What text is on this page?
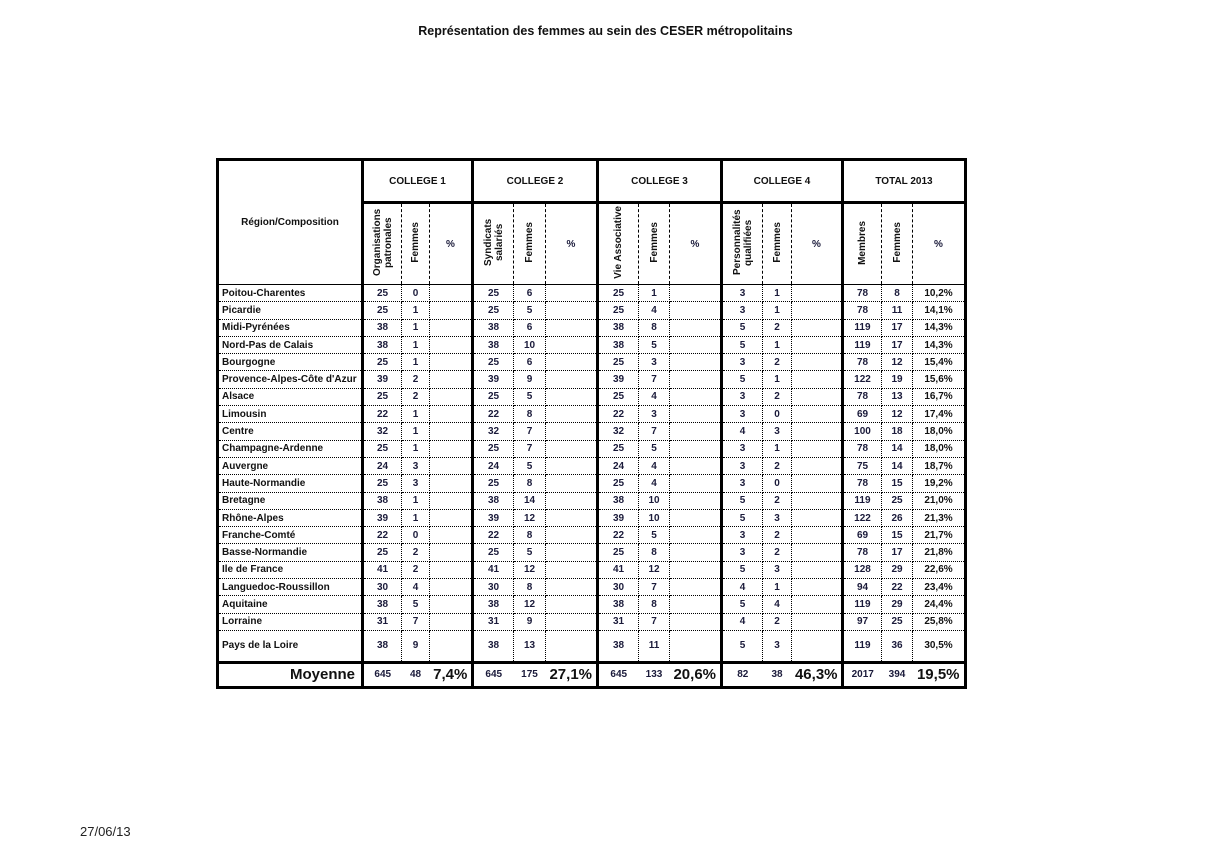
Représentation des femmes au sein des CESER métropolitains
Région/Composition	COLLEGE 1			COLLEGE 2			COLLEGE 3			COLLEGE 4			TOTAL 2013		
	Organisations patronales	Femmes	%	Syndicats salariés	Femmes	%	Vie Associative	Femmes	%	Personnalités qualifiées	Femmes	%	Membres	Femmes	%
Poitou-Charentes	25	0		25	6		25	1		3	1		78	8	10,2%
Picardie	25	1		25	5		25	4		3	1		78	11	14,1%
Midi-Pyrénées	38	1		38	6		38	8		5	2		119	17	14,3%
Nord-Pas de Calais	38	1		38	10		38	5		5	1		119	17	14,3%
Bourgogne	25	1		25	6		25	3		3	2		78	12	15,4%
Provence-Alpes-Côte d'Azur	39	2		39	9		39	7		5	1		122	19	15,6%
Alsace	25	2		25	5		25	4		3	2		78	13	16,7%
Limousin	22	1		22	8		22	3		3	0		69	12	17,4%
Centre	32	1		32	7		32	7		4	3		100	18	18,0%
Champagne-Ardenne	25	1		25	7		25	5		3	1		78	14	18,0%
Auvergne	24	3		24	5		24	4		3	2		75	14	18,7%
Haute-Normandie	25	3		25	8		25	4		3	0		78	15	19,2%
Bretagne	38	1		38	14		38	10		5	2		119	25	21,0%
Rhône-Alpes	39	1		39	12		39	10		5	3		122	26	21,3%
Franche-Comté	22	0		22	8		22	5		3	2		69	15	21,7%
Basse-Normandie	25	2		25	5		25	8		3	2		78	17	21,8%
Ile de France	41	2		41	12		41	12		5	3		128	29	22,6%
Languedoc-Roussillon	30	4		30	8		30	7		4	1		94	22	23,4%
Aquitaine	38	5		38	12		38	8		5	4		119	29	24,4%
Lorraine	31	7		31	9		31	7		4	2		97	25	25,8%
Pays de la Loire	38	9		38	13		38	11		5	3		119	36	30,5%
Moyenne	645	48	7,4%	645	175	27,1%	645	133	20,6%	82	38	46,3%	2017	394	19,5%
27/06/13
